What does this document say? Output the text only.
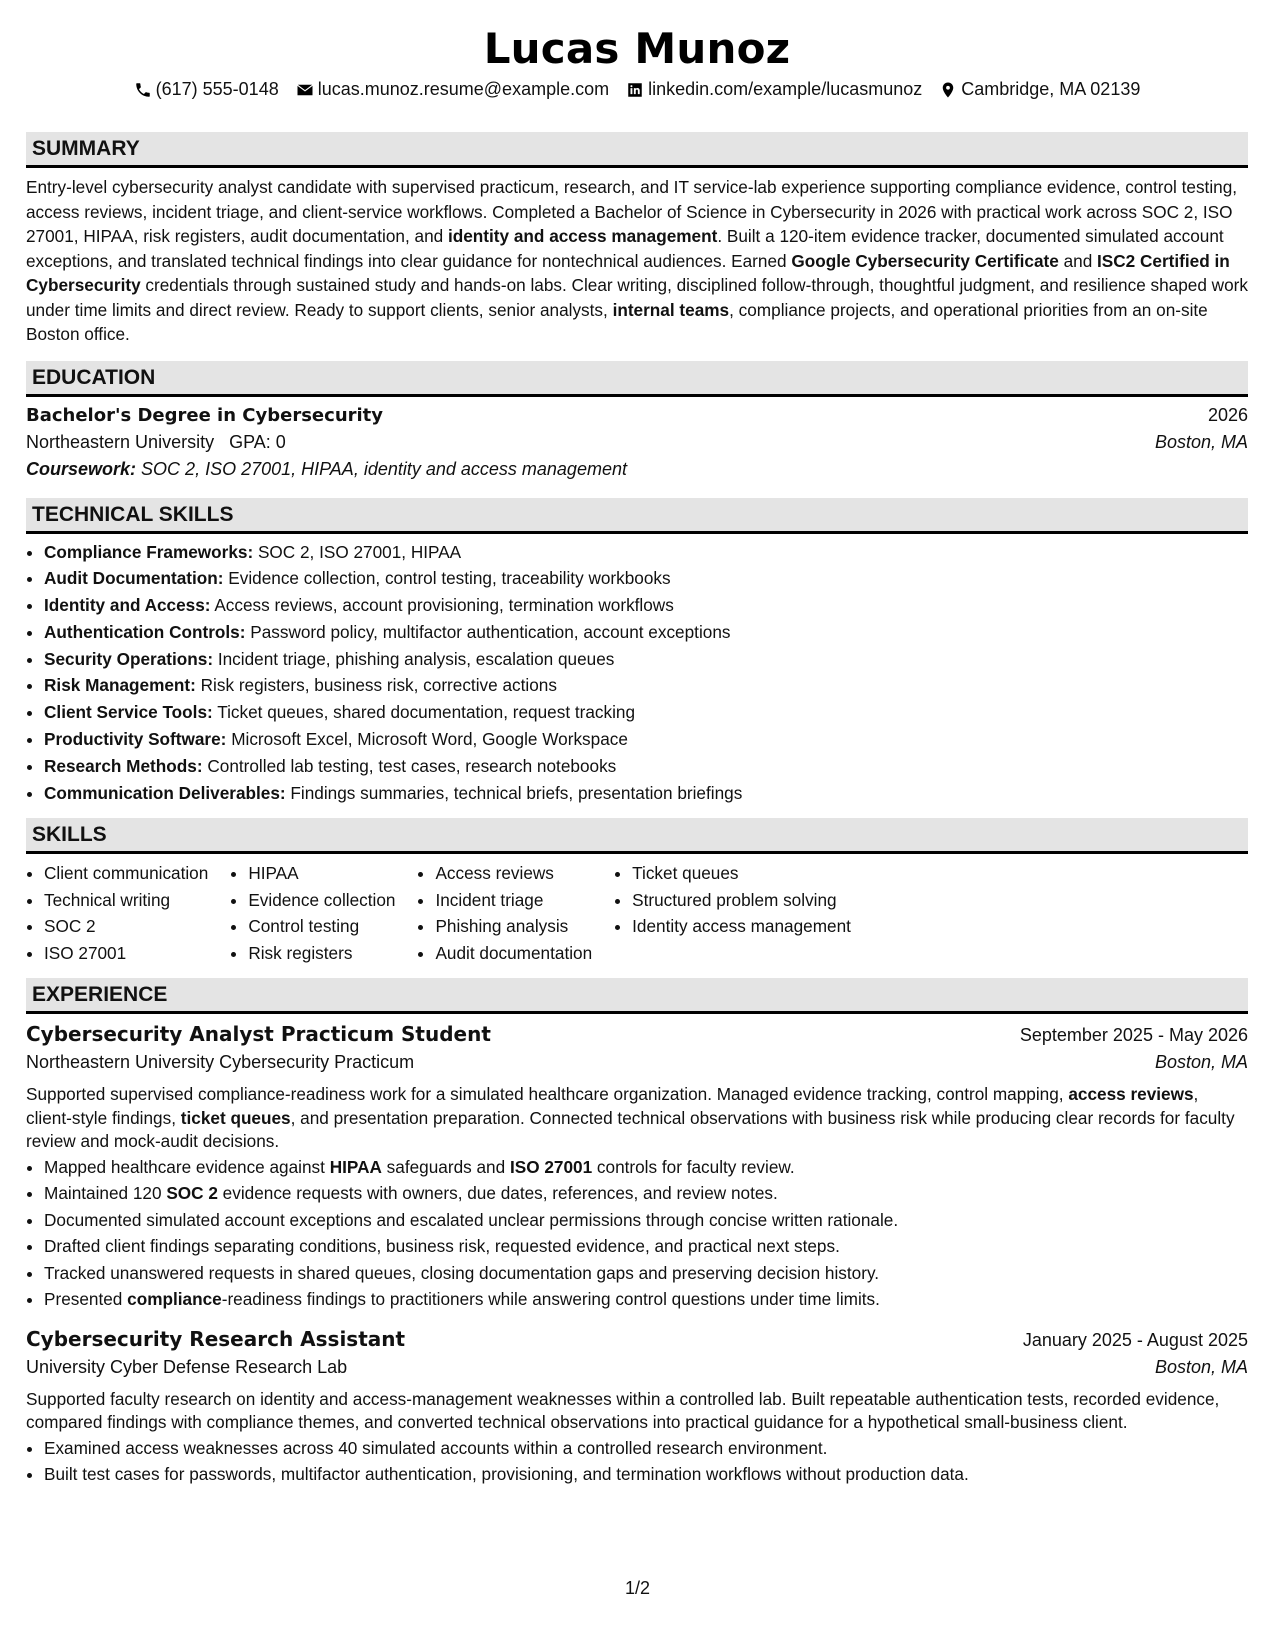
Lucas Munoz
(617) 555-0148 lucas.munoz.resume@example.com linkedin.com/example/lucasmunoz Cambridge, MA 02139
SUMMARY
Entry-level cybersecurity analyst candidate with supervised practicum, research, and IT service-lab experience supporting compliance evidence, control testing, access reviews, incident triage, and client-service workflows. Completed a Bachelor of Science in Cybersecurity in 2026 with practical work across SOC 2, ISO 27001, HIPAA, risk registers, audit documentation, and identity and access management. Built a 120-item evidence tracker, documented simulated account exceptions, and translated technical findings into clear guidance for nontechnical audiences. Earned Google Cybersecurity Certificate and ISC2 Certified in Cybersecurity credentials through sustained study and hands-on labs. Clear writing, disciplined follow-through, thoughtful judgment, and resilience shaped work under time limits and direct review. Ready to support clients, senior analysts, internal teams, compliance projects, and operational priorities from an on-site Boston office.
EDUCATION
Bachelor's Degree in Cybersecurity	2026
Northeastern University GPA: 0	Boston, MA
Coursework: SOC 2, ISO 27001, HIPAA, identity and access management
TECHNICAL SKILLS
• Compliance Frameworks: SOC 2, ISO 27001, HIPAA
• Audit Documentation: Evidence collection, control testing, traceability workbooks
• Identity and Access: Access reviews, account provisioning, termination workflows
• Authentication Controls: Password policy, multifactor authentication, account exceptions
• Security Operations: Incident triage, phishing analysis, escalation queues
• Risk Management: Risk registers, business risk, corrective actions
• Client Service Tools: Ticket queues, shared documentation, request tracking
• Productivity Software: Microsoft Excel, Microsoft Word, Google Workspace
• Research Methods: Controlled lab testing, test cases, research notebooks
• Communication Deliverables: Findings summaries, technical briefs, presentation briefings
SKILLS
• Client communication
• Technical writing
• SOC 2
• ISO 27001
• HIPAA
• Evidence collection
• Control testing
• Risk registers
• Access reviews
• Incident triage
• Phishing analysis
• Audit documentation
• Ticket queues
• Structured problem solving
• Identity access management
EXPERIENCE
Cybersecurity Analyst Practicum Student	September 2025 - May 2026
Northeastern University Cybersecurity Practicum	Boston, MA
Supported supervised compliance-readiness work for a simulated healthcare organization. Managed evidence tracking, control mapping, access reviews, client-style findings, ticket queues, and presentation preparation. Connected technical observations with business risk while producing clear records for faculty review and mock-audit decisions.
• Mapped healthcare evidence against HIPAA safeguards and ISO 27001 controls for faculty review.
• Maintained 120 SOC 2 evidence requests with owners, due dates, references, and review notes.
• Documented simulated account exceptions and escalated unclear permissions through concise written rationale.
• Drafted client findings separating conditions, business risk, requested evidence, and practical next steps.
• Tracked unanswered requests in shared queues, closing documentation gaps and preserving decision history.
• Presented compliance-readiness findings to practitioners while answering control questions under time limits.
Cybersecurity Research Assistant	January 2025 - August 2025
University Cyber Defense Research Lab	Boston, MA
Supported faculty research on identity and access-management weaknesses within a controlled lab. Built repeatable authentication tests, recorded evidence, compared findings with compliance themes, and converted technical observations into practical guidance for a hypothetical small-business client.
• Examined access weaknesses across 40 simulated accounts within a controlled research environment.
• Built test cases for passwords, multifactor authentication, provisioning, and termination workflows without production data.
1/2
